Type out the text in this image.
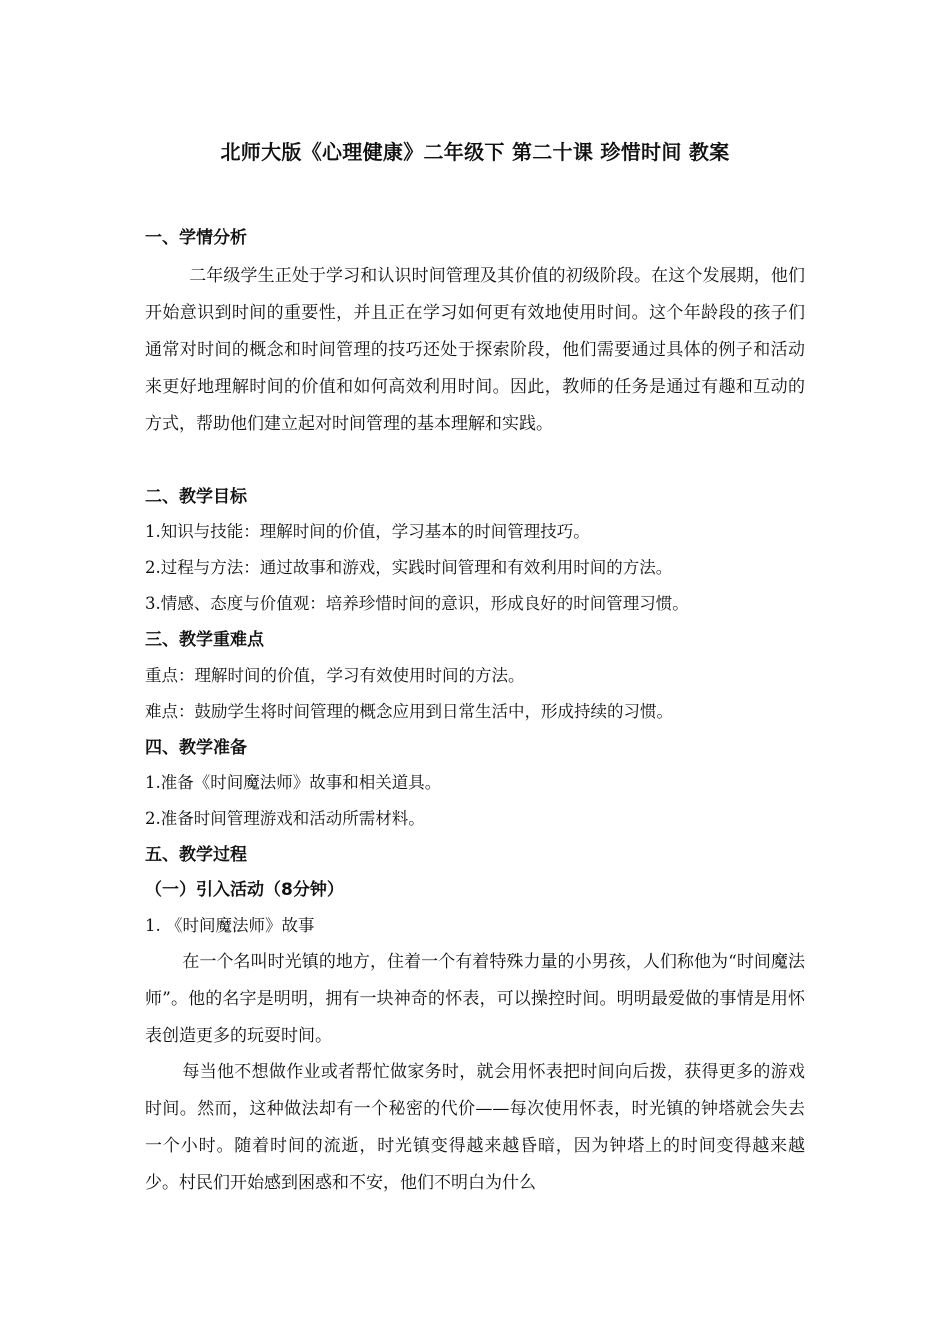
北师大版《心理健康》二年级下 第二十课 珍惜时间 教案
一、学情分析
二年级学生正处于学习和认识时间管理及其价值的初级阶段。在这个发展期，他们开始意识到时间的重要性，并且正在学习如何更有效地使用时间。这个年龄段的孩子们通常对时间的概念和时间管理的技巧还处于探索阶段，他们需要通过具体的例子和活动来更好地理解时间的价值和如何高效利用时间。因此，教师的任务是通过有趣和互动的方式，帮助他们建立起对时间管理的基本理解和实践。
二、教学目标
1.知识与技能：理解时间的价值，学习基本的时间管理技巧。
2.过程与方法：通过故事和游戏，实践时间管理和有效利用时间的方法。
3.情感、态度与价值观：培养珍惜时间的意识，形成良好的时间管理习惯。
三、教学重难点
重点：理解时间的价值，学习有效使用时间的方法。
难点：鼓励学生将时间管理的概念应用到日常生活中，形成持续的习惯。
四、教学准备
1.准备《时间魔法师》故事和相关道具。
2.准备时间管理游戏和活动所需材料。
五、教学过程
（一）引入活动（8分钟）
1. 《时间魔法师》故事
在一个名叫时光镇的地方，住着一个有着特殊力量的小男孩，人们称他为“时间魔法师”。他的名字是明明，拥有一块神奇的怀表，可以操控时间。明明最爱做的事情是用怀表创造更多的玩耍时间。
每当他不想做作业或者帮忙做家务时，就会用怀表把时间向后拨，获得更多的游戏时间。然而，这种做法却有一个秘密的代价——每次使用怀表，时光镇的钟塔就会失去一个小时。随着时间的流逝，时光镇变得越来越昏暗，因为钟塔上的时间变得越来越少。村民们开始感到困惑和不安，他们不明白为什么
